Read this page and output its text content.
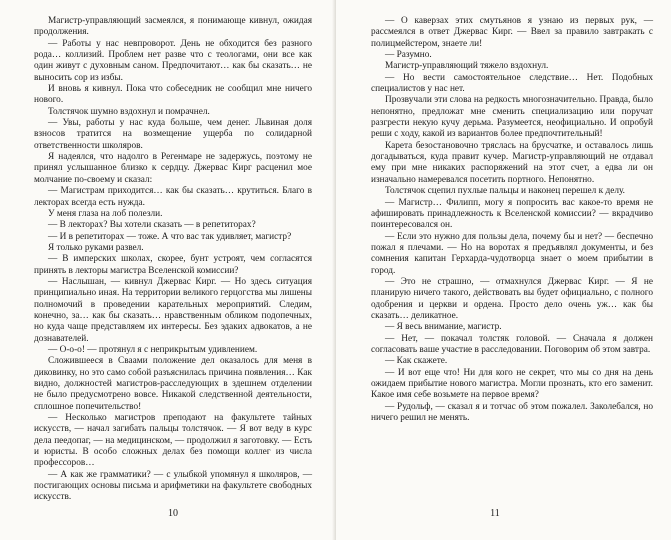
Магистр-управляющий засмеялся, я понимающе кивнул, ожидая продолжения.

— Работы у нас невпроворот. День не обходится без разного рода… коллизий. Проблем нет разве что с теологами, они все как один живут с духовным саном. Предпочитают… как бы сказать… не выносить сор из избы.

И вновь я кивнул. Пока что собеседник не сообщил мне ничего нового.

Толстячок шумно вздохнул и помрачнел.

— Увы, работы у нас куда больше, чем денег. Львиная доля взносов тратится на возмещение ущерба по солидарной ответственности школяров.

Я надеялся, что надолго в Регенмаре не задержусь, поэтому не принял услышанное близко к сердцу. Джервас Кирг расценил мое молчание по-своему и сказал:

— Магистрам приходится… как бы сказать… крутиться. Благо в лекторах всегда есть нужда.

У меня глаза на лоб полезли.

— В лекторах? Вы хотели сказать — в репетиторах?

— И в репетиторах — тоже. А что вас так удивляет, магистр?

Я только руками развел.

— В имперских школах, скорее, бунт устроят, чем согласятся принять в лекторы магистра Вселенской комиссии?

— Наслышан, — кивнул Джервас Кирг. — Но здесь ситуация принципиально иная. На территории великого герцогства мы лишены полномочий в проведении карательных мероприятий. Следим, конечно, за… как бы сказать… нравственным обликом подопечных, но куда чаще представляем их интересы. Без эдаких адвокатов, а не дознавателей.

— О-о-о! — протянул я с неприкрытым удивлением.

Сложившееся в Сваами положение дел оказалось для меня в диковинку, но это само собой разъяснилась причина появления… Как видно, должностей магистров-расследующих в здешнем отделении не было предусмотрено вовсе. Никакой следственной деятельности, сплошное попечительство!

— Несколько магистров преподают на факультете тайных искусств, — начал загибать пальцы толстячок. — Я вот веду в курс дела пеедопаг, — на медицинском, — продолжил я заготовку. — Есть и юристы. В особо сложных делах без помощи коллег из числа профессоров…

— А как же грамматики? — с улыбкой упомянул я школяров, — постигающих основы письма и арифметики на факультете свободных искусств.

10

— О каверзах этих смутьянов я узнаю из первых рук, — рассмеялся в ответ Джервас Кирг. — Ввел за правило завтракать с полицмейстером, знаете ли!

— Разумно.

Магистр-управляющий тяжело вздохнул.

— Но вести самостоятельное следствие… Нет. Подобных специалистов у нас нет.

Прозвучали эти слова на редкость многозначительно. Правда, было непонятно, предложат мне сменить специализацию или поручат разгрести некую кучу дерьма. Разумеется, неофициально. И опробуй реши с ходу, какой из вариантов более предпочтительный!

Карета безостановочно тряслась на брусчатке, и оставалось лишь догадываться, куда правит кучер. Магистр-управляющий не отдавал ему при мне никаких распоряжений на этот счет, а едва ли он изначально намеревался посетить портного. Непонятно.

Толстячок сцепил пухлые пальцы и наконец перешел к делу.

— Магистр… Филипп, могу я попросить вас какое-то время не афишировать принадлежность к Вселенской комиссии? — вкрадчиво поинтересовался он.

— Если это нужно для пользы дела, почему бы и нет? — беспечно пожал я плечами. — Но на воротах я предъявлял документы, и без сомнения капитан Герхарда-чудотворца знает о моем прибытии в город.

— Это не страшно, — отмахнулся Джервас Кирг. — Я не планирую ничего такого, действовать вы будет официально, с полного одобрения и церкви и ордена. Просто дело очень уж… как бы сказать… деликатное.

— Я весь внимание, магистр.

— Нет, — покачал толстяк головой. — Сначала я должен согласовать ваше участие в расследовании. Поговорим об этом завтра.

— Как скажете.

— И вот еще что! Ни для кого не секрет, что мы со дня на день ожидаем прибытие нового магистра. Могли прознать, кто его заменит. Какое имя себе возьмете на первое время?

— Рудольф, — сказал я и тотчас об этом пожалел. Заколебался, но ничего решил не менять.

11
